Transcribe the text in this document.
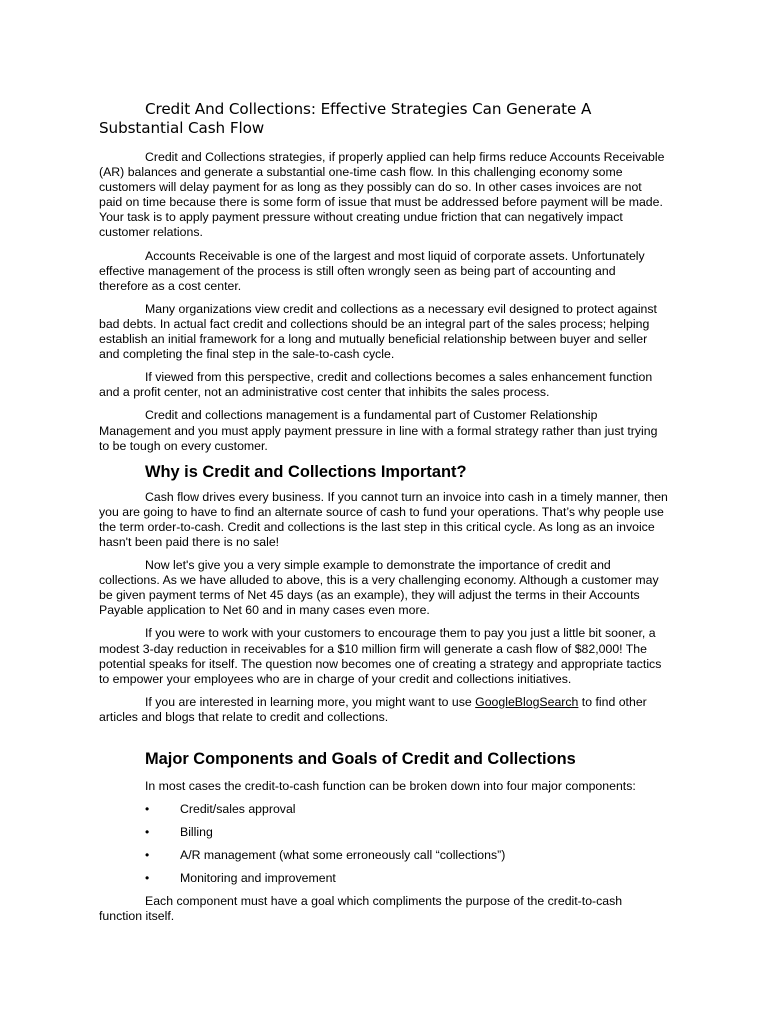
Credit And Collections: Effective Strategies Can Generate A Substantial Cash Flow

Credit and Collections strategies, if properly applied can help firms reduce Accounts Receivable (AR) balances and generate a substantial one-time cash flow. In this challenging economy some customers will delay payment for as long as they possibly can do so. In other cases invoices are not paid on time because there is some form of issue that must be addressed before payment will be made. Your task is to apply payment pressure without creating undue friction that can negatively impact customer relations.

Accounts Receivable is one of the largest and most liquid of corporate assets. Unfortunately effective management of the process is still often wrongly seen as being part of accounting and therefore as a cost center.

Many organizations view credit and collections as a necessary evil designed to protect against bad debts. In actual fact credit and collections should be an integral part of the sales process; helping establish an initial framework for a long and mutually beneficial relationship between buyer and seller and completing the final step in the sale-to-cash cycle.

If viewed from this perspective, credit and collections becomes a sales enhancement function and a profit center, not an administrative cost center that inhibits the sales process.

Credit and collections management is a fundamental part of Customer Relationship Management and you must apply payment pressure in line with a formal strategy rather than just trying to be tough on every customer.

Why is Credit and Collections Important?

Cash flow drives every business. If you cannot turn an invoice into cash in a timely manner, then you are going to have to find an alternate source of cash to fund your operations. That’s why people use the term order-to-cash. Credit and collections is the last step in this critical cycle. As long as an invoice hasn't been paid there is no sale!

Now let's give you a very simple example to demonstrate the importance of credit and collections. As we have alluded to above, this is a very challenging economy. Although a customer may be given payment terms of Net 45 days (as an example), they will adjust the terms in their Accounts Payable application to Net 60 and in many cases even more.

If you were to work with your customers to encourage them to pay you just a little bit sooner, a modest 3-day reduction in receivables for a $10 million firm will generate a cash flow of $82,000! The potential speaks for itself. The question now becomes one of creating a strategy and appropriate tactics to empower your employees who are in charge of your credit and collections initiatives.

If you are interested in learning more, you might want to use GoogleBlogSearch to find other articles and blogs that relate to credit and collections.

Major Components and Goals of Credit and Collections

In most cases the credit-to-cash function can be broken down into four major components:

•	Credit/sales approval
•	Billing
•	A/R management (what some erroneously call “collections”)
•	Monitoring and improvement

Each component must have a goal which compliments the purpose of the credit-to-cash function itself.
